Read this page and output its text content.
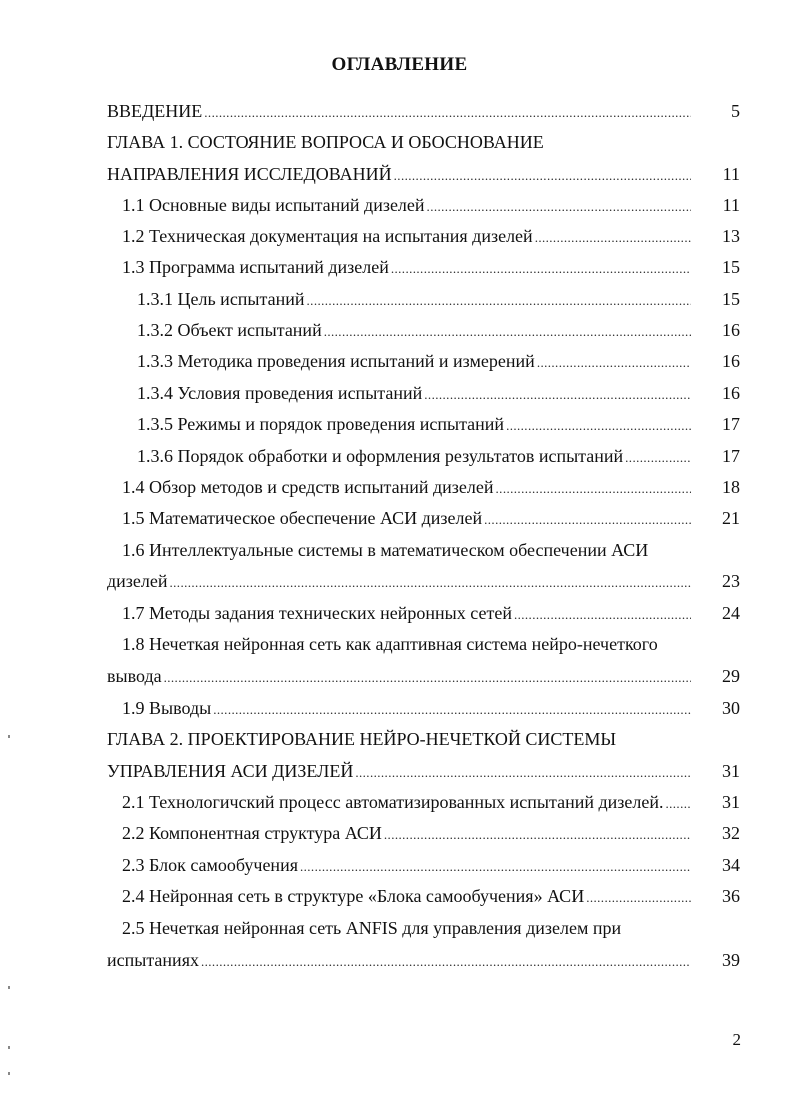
ОГЛАВЛЕНИЕ
ВВЕДЕНИЕ .....	5
ГЛАВА 1. СОСТОЯНИЕ ВОПРОСА И ОБОСНОВАНИЕ
НАПРАВЛЕНИЯ ИССЛЕДОВАНИЙ .....	11
1.1 Основные виды испытаний дизелей .....	11
1.2 Техническая документация на испытания дизелей .....	13
1.3 Программа испытаний дизелей .....	15
1.3.1 Цель испытаний .....	15
1.3.2 Объект испытаний .....	16
1.3.3 Методика проведения испытаний и измерений .....	16
1.3.4 Условия проведения испытаний .....	16
1.3.5 Режимы и порядок проведения испытаний .....	17
1.3.6 Порядок обработки и оформления результатов испытаний .....	17
1.4 Обзор методов и средств испытаний дизелей .....	18
1.5 Математическое обеспечение АСИ дизелей .....	21
1.6 Интеллектуальные системы в математическом обеспечении АСИ
дизелей .....	23
1.7 Методы задания технических нейронных сетей .....	24
1.8 Нечеткая нейронная сеть как адаптивная система нейро-нечеткого
вывода .....	29
1.9 Выводы .....	30
ГЛАВА 2. ПРОЕКТИРОВАНИЕ НЕЙРО-НЕЧЕТКОЙ СИСТЕМЫ
УПРАВЛЕНИЯ АСИ ДИЗЕЛЕЙ .....	31
2.1 Технологичский процесс автоматизированных испытаний дизелей. .....	31
2.2 Компонентная структура АСИ .....	32
2.3 Блок самообучения .....	34
2.4 Нейронная сеть в структуре «Блока самообучения» АСИ .....	36
2.5 Нечеткая нейронная сеть ANFIS для управления дизелем при
испытаниях .....	39
2
